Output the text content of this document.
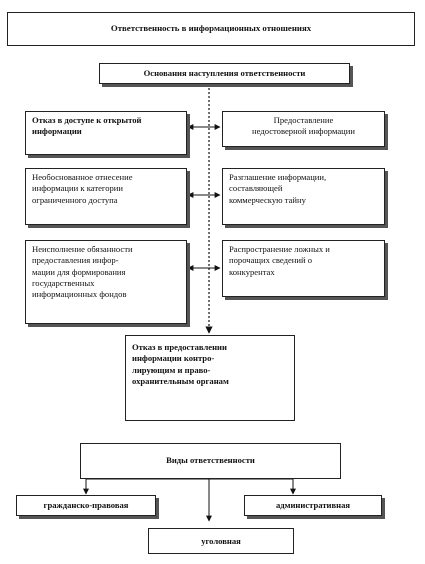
Ответственность в информационных отношениях
Основания наступления ответственности
Отказ в доступе к открытой
информации
Необоснованное отнесение
информации к категории
ограниченного доступа
Неисполнение обязанности
предоставления инфор-
мации для формирования
государственных
информационных фондов
Предоставление
недостоверной информации
Разглашение информации,
составляющей
коммерческую тайну
Распространение ложных и
порочащих сведений о
конкурентах
Отказ в предоставлении
информации контро-
лирующим и право-
охранительным органам
Виды ответственности
гражданско-правовая	административная
уголовная
